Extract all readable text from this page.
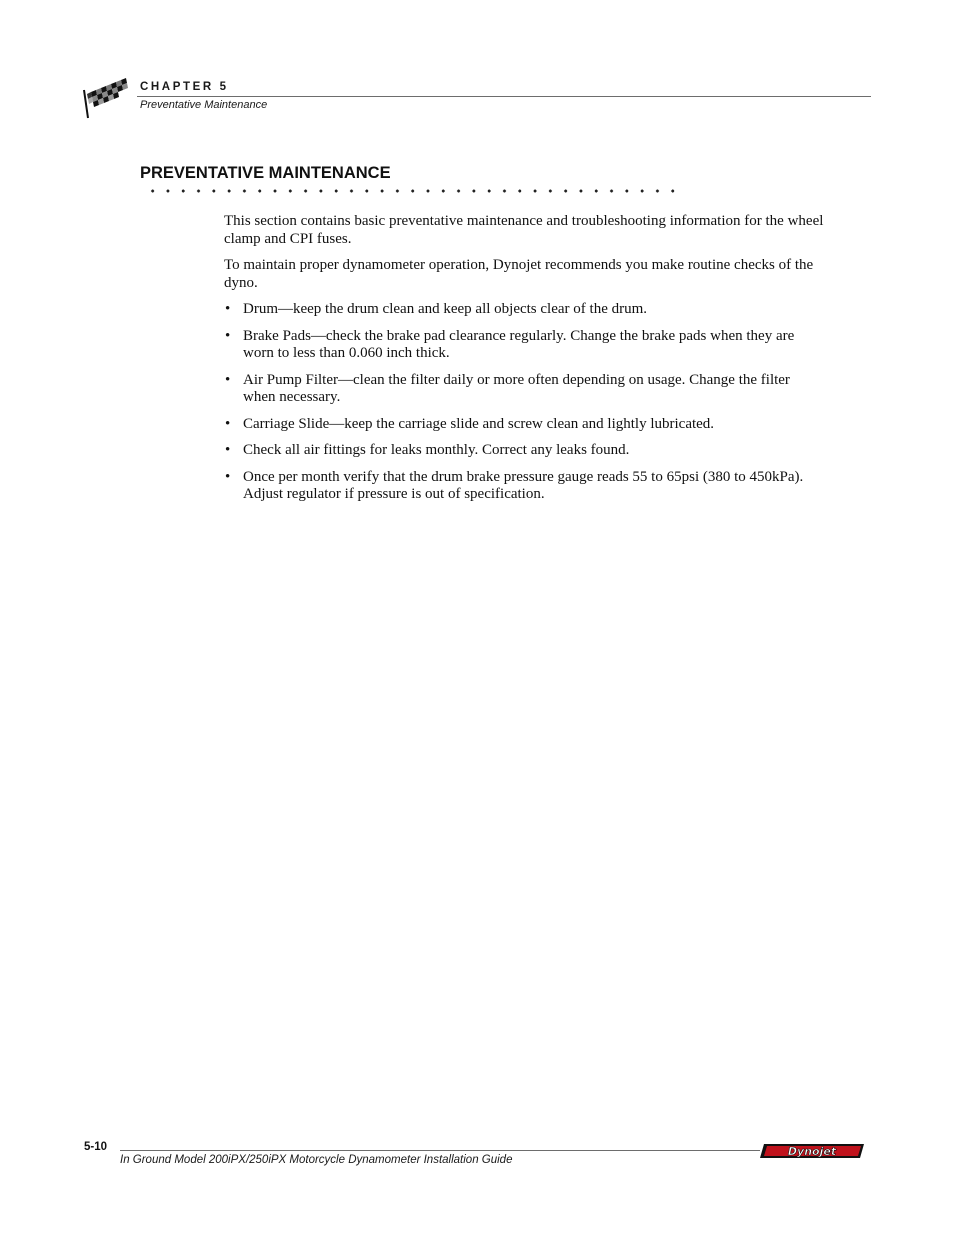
CHAPTER 5
Preventative Maintenance
PREVENTATIVE MAINTENANCE

This section contains basic preventative maintenance and troubleshooting information for the wheel clamp and CPI fuses.

To maintain proper dynamometer operation, Dynojet recommends you make routine checks of the dyno.

• Drum—keep the drum clean and keep all objects clear of the drum.
• Brake Pads—check the brake pad clearance regularly. Change the brake pads when they are worn to less than 0.060 inch thick.
• Air Pump Filter—clean the filter daily or more often depending on usage. Change the filter when necessary.
• Carriage Slide—keep the carriage slide and screw clean and lightly lubricated.
• Check all air fittings for leaks monthly. Correct any leaks found.
• Once per month verify that the drum brake pressure gauge reads 55 to 65psi (380 to 450kPa). Adjust regulator if pressure is out of specification.
5-10
In Ground Model 200iPX/250iPX Motorcycle Dynamometer Installation Guide
Dynojet
